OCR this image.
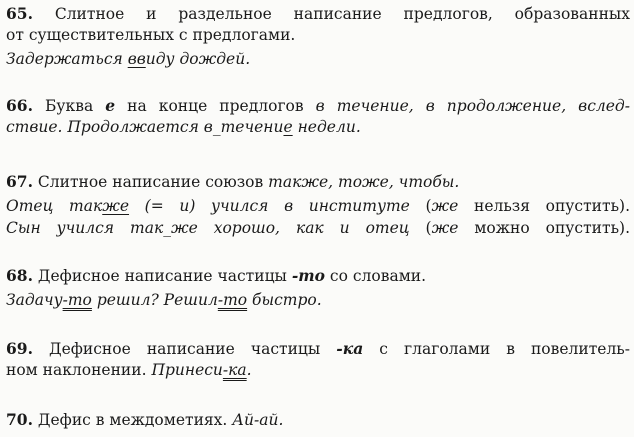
65. Слитное и раздельное написание предлогов, образованных
от существительных с предлогами.
Задержаться ввиду дождей.
66. Буква е на конце предлогов в течение, в продолжение, вслед-
ствие. Продолжается в_течение недели.
67. Слитное написание союзов также, тоже, чтобы.
Отец также (= и) учился в институте (же нельзя опустить).
Сын учился так_же хорошо, как и отец (же можно опустить).
68. Дефисное написание частицы -то со словами.
Задачу-то решил? Решил-то быстро.
69. Дефисное написание частицы -ка с глаголами в повелитель-
ном наклонении. Принеси-ка.
70. Дефис в междометиях. Ай-ай.
